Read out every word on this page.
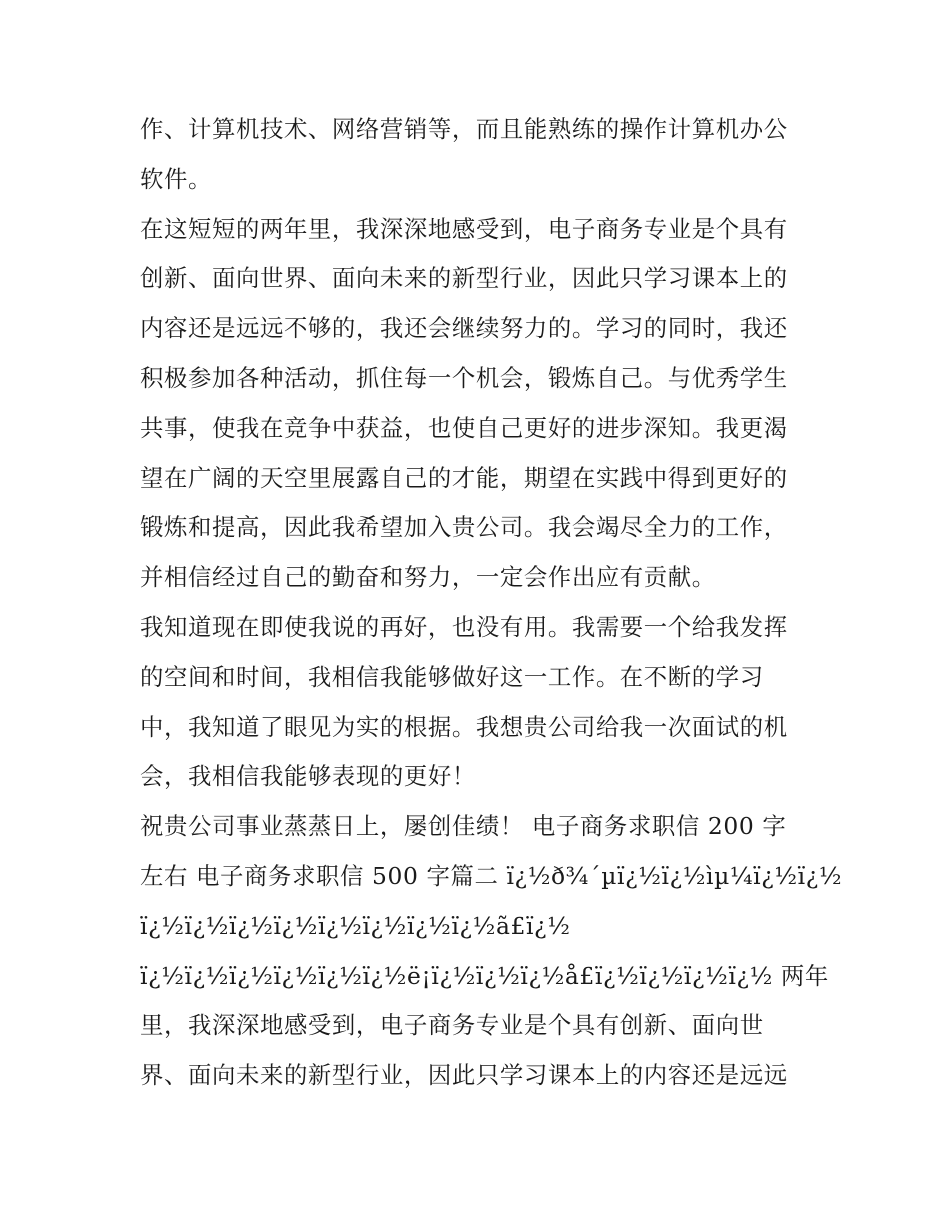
作、计算机技术、网络营销等，而且能熟练的操作计算机办公
软件。
在这短短的两年里，我深深地感受到，电子商务专业是个具有
创新、面向世界、面向未来的新型行业，因此只学习课本上的
内容还是远远不够的，我还会继续努力的。学习的同时，我还
积极参加各种活动，抓住每一个机会，锻炼自己。与优秀学生
共事，使我在竞争中获益，也使自己更好的进步深知。我更渴
望在广阔的天空里展露自己的才能，期望在实践中得到更好的
锻炼和提高，因此我希望加入贵公司。我会竭尽全力的工作，
并相信经过自己的勤奋和努力，一定会作出应有贡献。
我知道现在即使我说的再好，也没有用。我需要一个给我发挥
的空间和时间，我相信我能够做好这一工作。在不断的学习
中，我知道了眼见为实的根据。我想贵公司给我一次面试的机
会，我相信我能够表现的更好！
祝贵公司事业蒸蒸日上，屡创佳绩！ 电子商务求职信 200 字
左右 电子商务求职信 500 字篇二 ï¿½ð¾´µï¿½ï¿½ìµ¼ï¿½ï¿½
ï¿½ï¿½ï¿½ï¿½ï¿½ï¿½ï¿½ï¿½ã£ï¿½
ï¿½ï¿½ï¿½ï¿½ï¿½ï¿½ë¡ï¿½ï¿½ï¿½å£ï¿½ï¿½ï¿½ï¿½ 两年
里，我深深地感受到，电子商务专业是个具有创新、面向世
界、面向未来的新型行业，因此只学习课本上的内容还是远远
